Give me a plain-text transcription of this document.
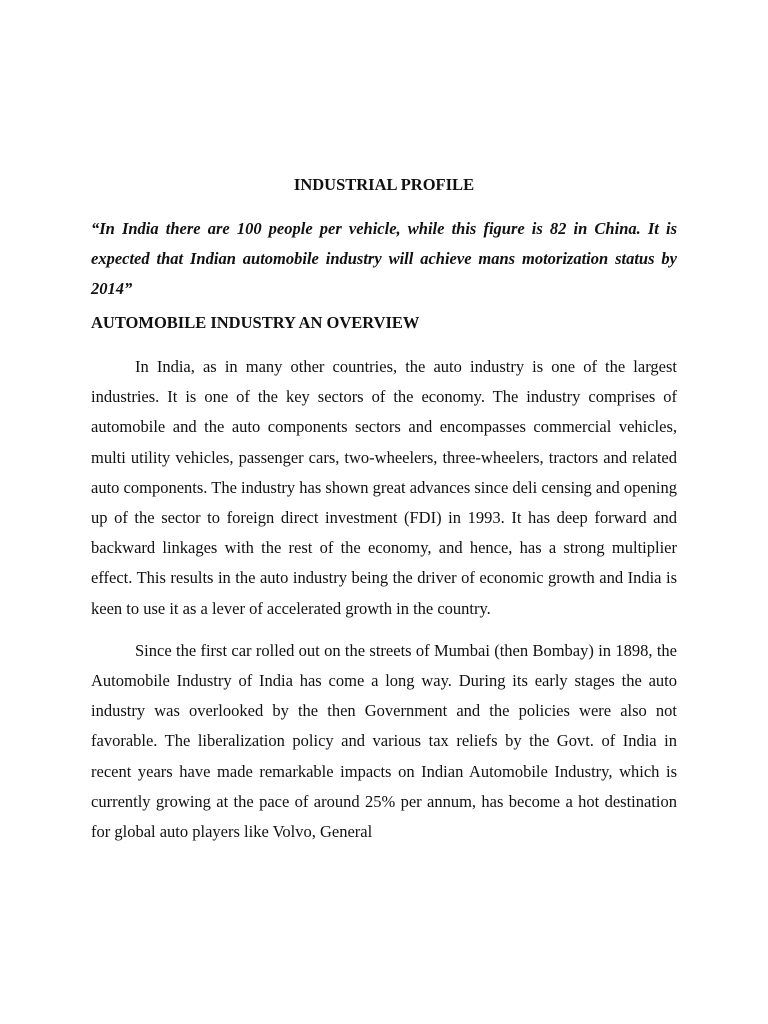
INDUSTRIAL PROFILE

“In India there are 100 people per vehicle, while this figure is 82 in China. It is expected that Indian automobile industry will achieve mans motorization status by 2014”

AUTOMOBILE INDUSTRY AN OVERVIEW

In India, as in many other countries, the auto industry is one of the largest industries. It is one of the key sectors of the economy. The industry comprises of automobile and the auto components sectors and encompasses commercial vehicles, multi utility vehicles, passenger cars, two-wheelers, three-wheelers, tractors and related auto components. The industry has shown great advances since deli censing and opening up of the sector to foreign direct investment (FDI) in 1993. It has deep forward and backward linkages with the rest of the economy, and hence, has a strong multiplier effect. This results in the auto industry being the driver of economic growth and India is keen to use it as a lever of accelerated growth in the country.

Since the first car rolled out on the streets of Mumbai (then Bombay) in 1898, the Automobile Industry of India has come a long way. During its early stages the auto industry was overlooked by the then Government and the policies were also not favorable. The liberalization policy and various tax reliefs by the Govt. of India in recent years have made remarkable impacts on Indian Automobile Industry, which is currently growing at the pace of around 25% per annum, has become a hot destination for global auto players like Volvo, General
